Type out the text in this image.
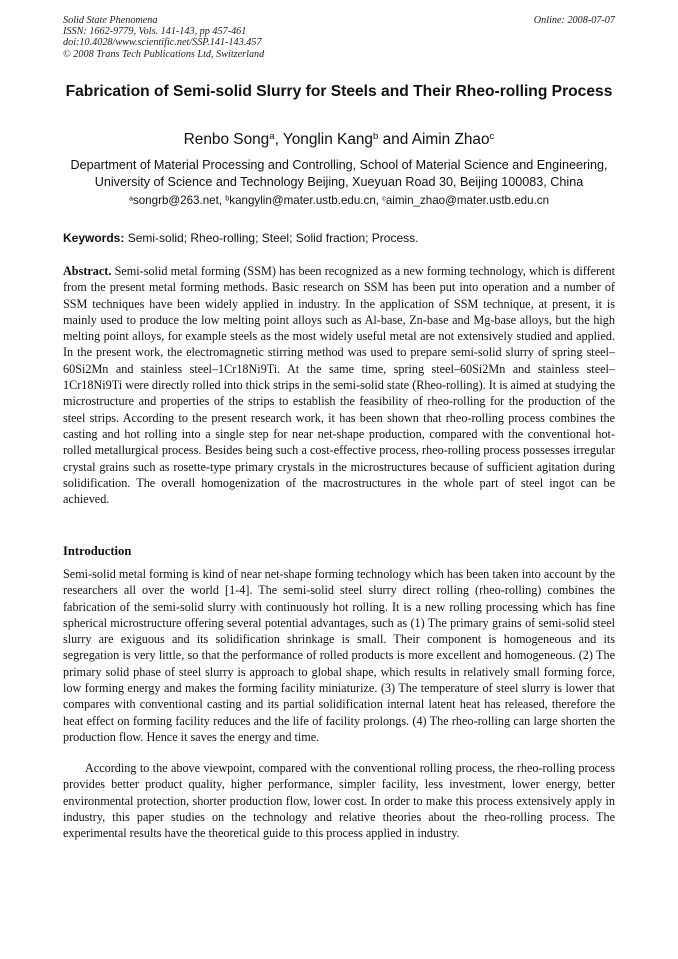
Solid State Phenomena
ISSN: 1662-9779, Vols. 141-143, pp 457-461
doi:10.4028/www.scientific.net/SSP.141-143.457
© 2008 Trans Tech Publications Ltd, Switzerland
Online: 2008-07-07
Fabrication of Semi-solid Slurry for Steels and Their Rheo-rolling Process
Renbo Song$^a$, Yonglin Kang$^b$ and Aimin Zhao$^c$
Department of Material Processing and Controlling, School of Material Science and Engineering,
University of Science and Technology Beijing, Xueyuan Road 30, Beijing 100083, China
$^a$songrb@263.net, $^b$kangylin@mater.ustb.edu.cn, $^c$aimin_zhao@mater.ustb.edu.cn
Keywords: Semi-solid; Rheo-rolling; Steel; Solid fraction; Process.

Abstract. Semi-solid metal forming (SSM) has been recognized as a new forming technology, which is different from the present metal forming methods. Basic research on SSM has been put into operation and a number of SSM techniques have been widely applied in industry. In the application of SSM technique, at present, it is mainly used to produce the low melting point alloys such as Al-base, Zn-base and Mg-base alloys, but the high melting point alloys, for example steels as the most widely useful metal are not extensively studied and applied. In the present work, the electromagnetic stirring method was used to prepare semi-solid slurry of spring steel–60Si2Mn and stainless steel–1Cr18Ni9Ti. At the same time, spring steel–60Si2Mn and stainless steel–1Cr18Ni9Ti were directly rolled into thick strips in the semi-solid state (Rheo-rolling). It is aimed at studying the microstructure and properties of the strips to establish the feasibility of rheo-rolling for the production of the steel strips. According to the present research work, it has been shown that rheo-rolling process combines the casting and hot rolling into a single step for near net-shape production, compared with the conventional hot-rolled metallurgical process. Besides being such a cost-effective process, rheo-rolling process possesses irregular crystal grains such as rosette-type primary crystals in the microstructures because of sufficient agitation during solidification. The overall homogenization of the macrostructures in the whole part of steel ingot can be achieved.

Introduction

Semi-solid metal forming is kind of near net-shape forming technology which has been taken into account by the researchers all over the world [1-4]. The semi-solid steel slurry direct rolling (rheo-rolling) combines the fabrication of the semi-solid slurry with continuously hot rolling. It is a new rolling processing which has fine spherical microstructure offering several potential advantages, such as (1) The primary grains of semi-solid steel slurry are exiguous and its solidification shrinkage is small. Their component is homogeneous and its segregation is very little, so that the performance of rolled products is more excellent and homogeneous. (2) The primary solid phase of steel slurry is approach to global shape, which results in relatively small forming force, low forming energy and makes the forming facility miniaturize. (3) The temperature of steel slurry is lower that compares with conventional casting and its partial solidification internal latent heat has released, therefore the heat effect on forming facility reduces and the life of facility prolongs. (4) The rheo-rolling can large shorten the production flow. Hence it saves the energy and time.

According to the above viewpoint, compared with the conventional rolling process, the rheo-rolling process provides better product quality, higher performance, simpler facility, less investment, lower energy, better environmental protection, shorter production flow, lower cost. In order to make this process extensively apply in industry, this paper studies on the technology and relative theories about the rheo-rolling process. The experimental results have the theoretical guide to this process applied in industry.
